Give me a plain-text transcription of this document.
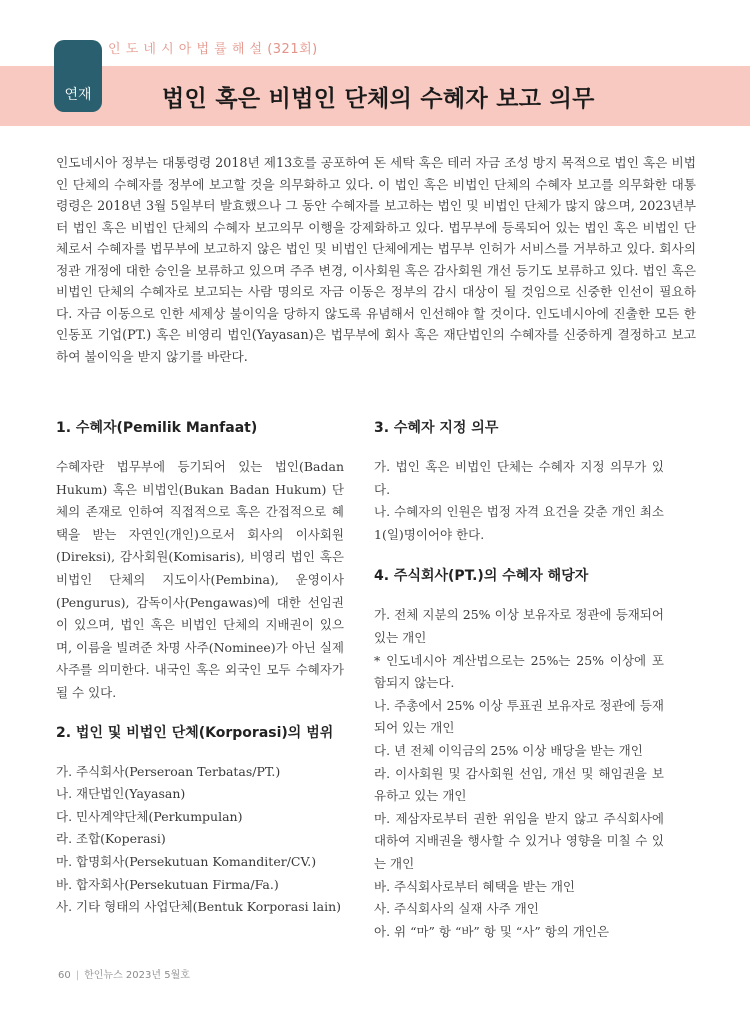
연재
인 도 네 시 아 법 률 해 설 (321회)
법인 혹은 비법인 단체의 수혜자 보고 의무

인도네시아 정부는 대통령령 2018년 제13호를 공포하여 돈 세탁 혹은 테러 자금 조성 방지 목적으로 법인 혹은 비법인 단체의 수혜자를 정부에 보고할 것을 의무화하고 있다. 이 법인 혹은 비법인 단체의 수혜자 보고를 의무화한 대통령령은 2018년 3월 5일부터 발효했으나 그 동안 수혜자를 보고하는 법인 및 비법인 단체가 많지 않으며, 2023년부터 법인 혹은 비법인 단체의 수혜자 보고의무 이행을 강제화하고 있다. 법무부에 등록되어 있는 법인 혹은 비법인 단체로서 수혜자를 법무부에 보고하지 않은 법인 및 비법인 단체에게는 법무부 인허가 서비스를 거부하고 있다. 회사의 정관 개정에 대한 승인을 보류하고 있으며 주주 변경, 이사회원 혹은 감사회원 개선 등기도 보류하고 있다. 법인 혹은 비법인 단체의 수혜자로 보고되는 사람 명의로 자금 이동은 정부의 감시 대상이 될 것임으로 신중한 인선이 필요하다. 자금 이동으로 인한 세제상 불이익을 당하지 않도록 유념해서 인선해야 할 것이다. 인도네시아에 진출한 모든 한인동포 기업(PT.) 혹은 비영리 법인(Yayasan)은 법무부에 회사 혹은 재단법인의 수혜자를 신중하게 결정하고 보고하여 불이익을 받지 않기를 바란다.

1. 수혜자(Pemilik Manfaat)

수혜자란 법무부에 등기되어 있는 법인(Badan Hukum) 혹은 비법인(Bukan Badan Hukum) 단체의 존재로 인하여 직접적으로 혹은 간접적으로 혜택을 받는 자연인(개인)으로서 회사의 이사회원(Direksi), 감사회원(Komisaris), 비영리 법인 혹은 비법인 단체의 지도이사(Pembina), 운영이사(Pengurus), 감독이사(Pengawas)에 대한 선임권이 있으며, 법인 혹은 비법인 단체의 지배권이 있으며, 이름을 빌려준 차명 사주(Nominee)가 아닌 실제 사주를 의미한다. 내국인 혹은 외국인 모두 수혜자가 될 수 있다.

2. 법인 및 비법인 단체(Korporasi)의 범위
가. 주식회사(Perseroan Terbatas/PT.)
나. 재단법인(Yayasan)
다. 민사계약단체(Perkumpulan)
라. 조합(Koperasi)
마. 합명회사(Persekutuan Komanditer/CV.)
바. 합자회사(Persekutuan Firma/Fa.)
사. 기타 형태의 사업단체(Bentuk Korporasi lain)
3. 수혜자 지정 의무
가. 법인 혹은 비법인 단체는 수혜자 지정 의무가 있다.
나. 수혜자의 인원은 법정 자격 요건을 갖춘 개인 최소 1(일)명이어야 한다.
4. 주식회사(PT.)의 수혜자 해당자
가. 전체 지분의 25% 이상 보유자로 정관에 등재되어 있는 개인
* 인도네시아 계산법으로는 25%는 25% 이상에 포함되지 않는다.
나. 주총에서 25% 이상 투표권 보유자로 정관에 등재되어 있는 개인
다. 년 전체 이익금의 25% 이상 배당을 받는 개인
라. 이사회원 및 감사회원 선임, 개선 및 해임권을 보유하고 있는 개인
마. 제삼자로부터 권한 위임을 받지 않고 주식회사에 대하여 지배권을 행사할 수 있거나 영향을 미칠 수 있는 개인
바. 주식회사로부터 혜택을 받는 개인
사. 주식회사의 실재 사주 개인
아. 위 “마” 항 “바” 항 및 “사” 항의 개인은
60 | 한인뉴스 2023년 5월호
